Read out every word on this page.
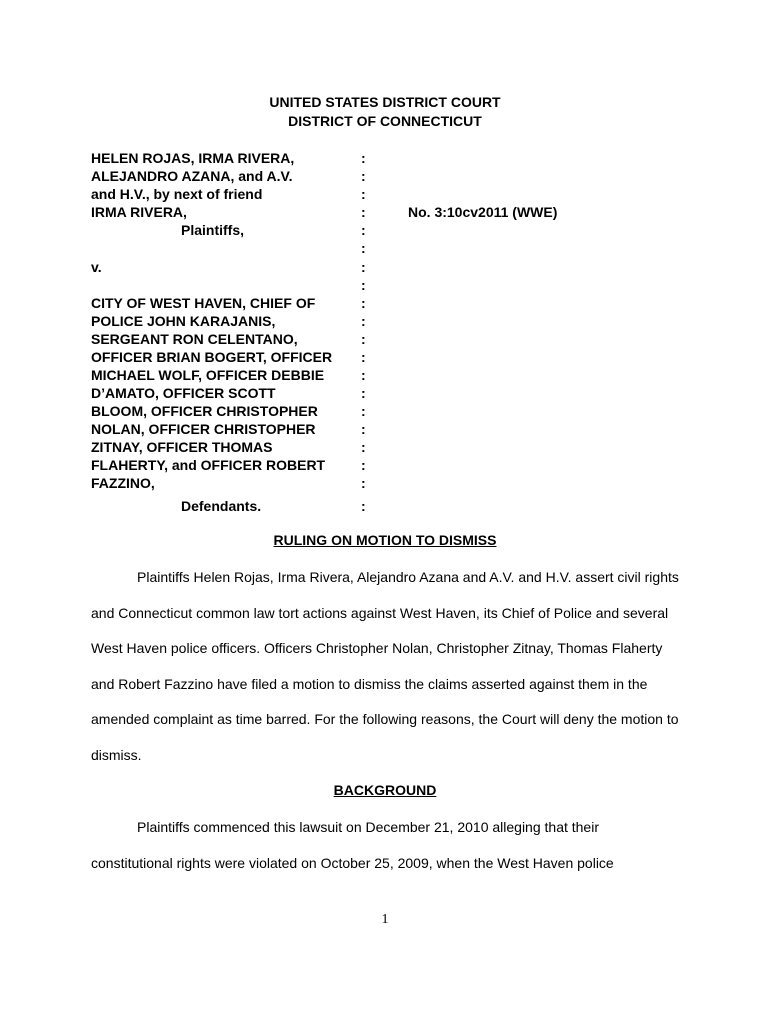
UNITED STATES DISTRICT COURT
DISTRICT OF CONNECTICUT
HELEN ROJAS, IRMA RIVERA,
ALEJANDRO AZANA, and A.V.
and H.V., by next of friend
IRMA RIVERA,
Plaintiffs,
v.
CITY OF WEST HAVEN, CHIEF OF
POLICE JOHN KARAJANIS,
SERGEANT RON CELENTANO,
OFFICER BRIAN BOGERT, OFFICER
MICHAEL WOLF, OFFICER DEBBIE
D’AMATO, OFFICER SCOTT
BLOOM, OFFICER CHRISTOPHER
NOLAN, OFFICER CHRISTOPHER
ZITNAY, OFFICER THOMAS
FLAHERTY, and OFFICER ROBERT
FAZZINO,
Defendants.
:
:
:
:
:
:
:
:
:
:
:
:
:
:
:
:
:
:
:
:
No. 3:10cv2011 (WWE)
RULING ON MOTION TO DISMISS

Plaintiffs Helen Rojas, Irma Rivera, Alejandro Azana and A.V. and H.V. assert civil rights and Connecticut common law tort actions against West Haven, its Chief of Police and several West Haven police officers. Officers Christopher Nolan, Christopher Zitnay, Thomas Flaherty and Robert Fazzino have filed a motion to dismiss the claims asserted against them in the amended complaint as time barred. For the following reasons, the Court will deny the motion to dismiss.

BACKGROUND

Plaintiffs commenced this lawsuit on December 21, 2010 alleging that their constitutional rights were violated on October 25, 2009, when the West Haven police

1
